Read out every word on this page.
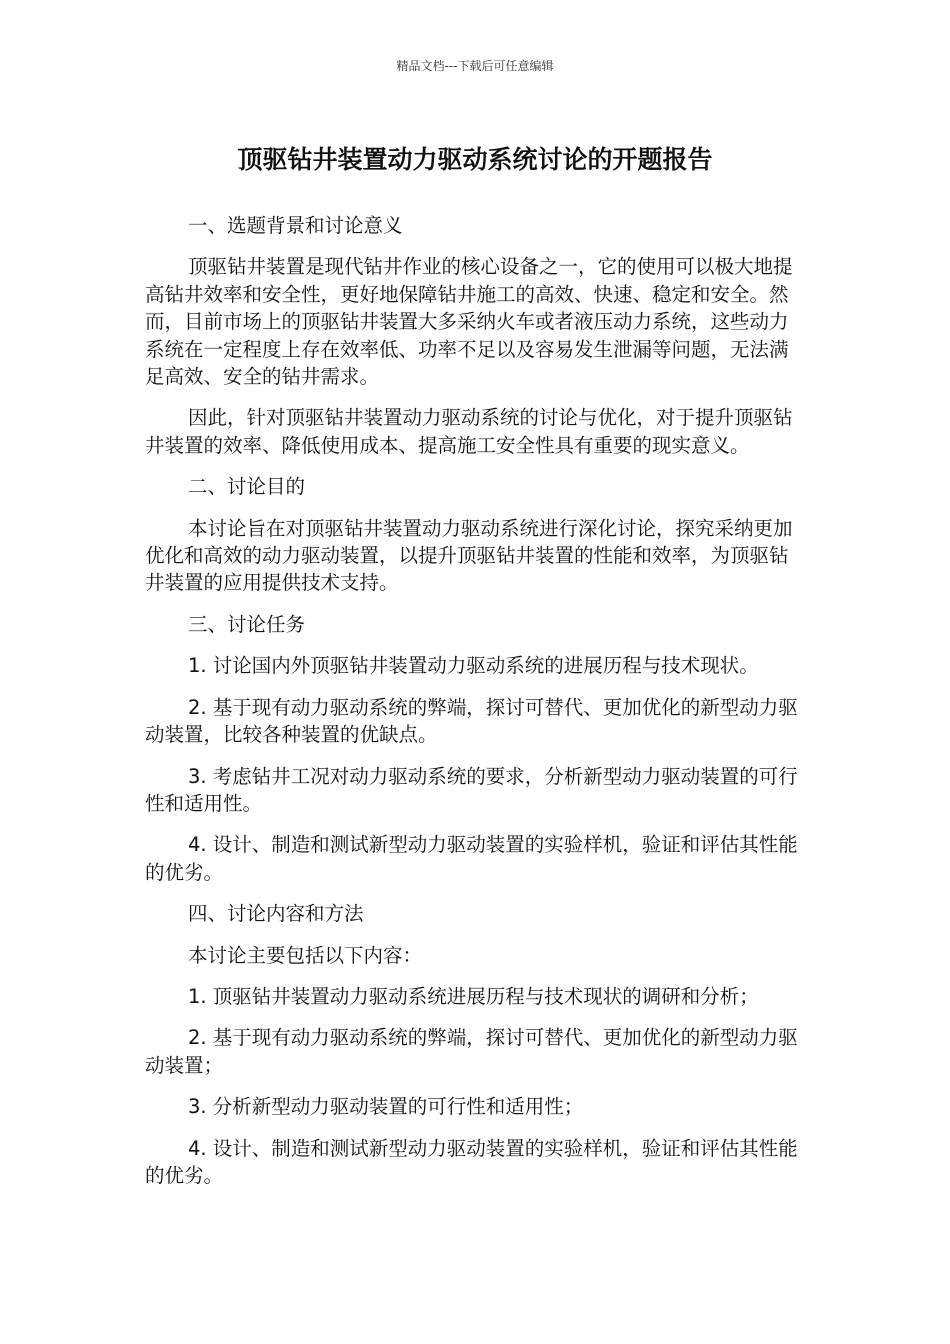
精品文档---下载后可任意编辑
顶驱钻井装置动力驱动系统讨论的开题报告

一、选题背景和讨论意义

顶驱钻井装置是现代钻井作业的核心设备之一，它的使用可以极大地提高钻井效率和安全性，更好地保障钻井施工的高效、快速、稳定和安全。然而，目前市场上的顶驱钻井装置大多采纳火车或者液压动力系统，这些动力系统在一定程度上存在效率低、功率不足以及容易发生泄漏等问题，无法满足高效、安全的钻井需求。

因此，针对顶驱钻井装置动力驱动系统的讨论与优化，对于提升顶驱钻井装置的效率、降低使用成本、提高施工安全性具有重要的现实意义。

二、讨论目的

本讨论旨在对顶驱钻井装置动力驱动系统进行深化讨论，探究采纳更加优化和高效的动力驱动装置，以提升顶驱钻井装置的性能和效率，为顶驱钻井装置的应用提供技术支持。

三、讨论任务

1. 讨论国内外顶驱钻井装置动力驱动系统的进展历程与技术现状。

2. 基于现有动力驱动系统的弊端，探讨可替代、更加优化的新型动力驱动装置，比较各种装置的优缺点。

3. 考虑钻井工况对动力驱动系统的要求，分析新型动力驱动装置的可行性和适用性。

4. 设计、制造和测试新型动力驱动装置的实验样机，验证和评估其性能的优劣。

四、讨论内容和方法

本讨论主要包括以下内容：

1. 顶驱钻井装置动力驱动系统进展历程与技术现状的调研和分析；

2. 基于现有动力驱动系统的弊端，探讨可替代、更加优化的新型动力驱动装置；

3. 分析新型动力驱动装置的可行性和适用性；

4. 设计、制造和测试新型动力驱动装置的实验样机，验证和评估其性能的优劣。
